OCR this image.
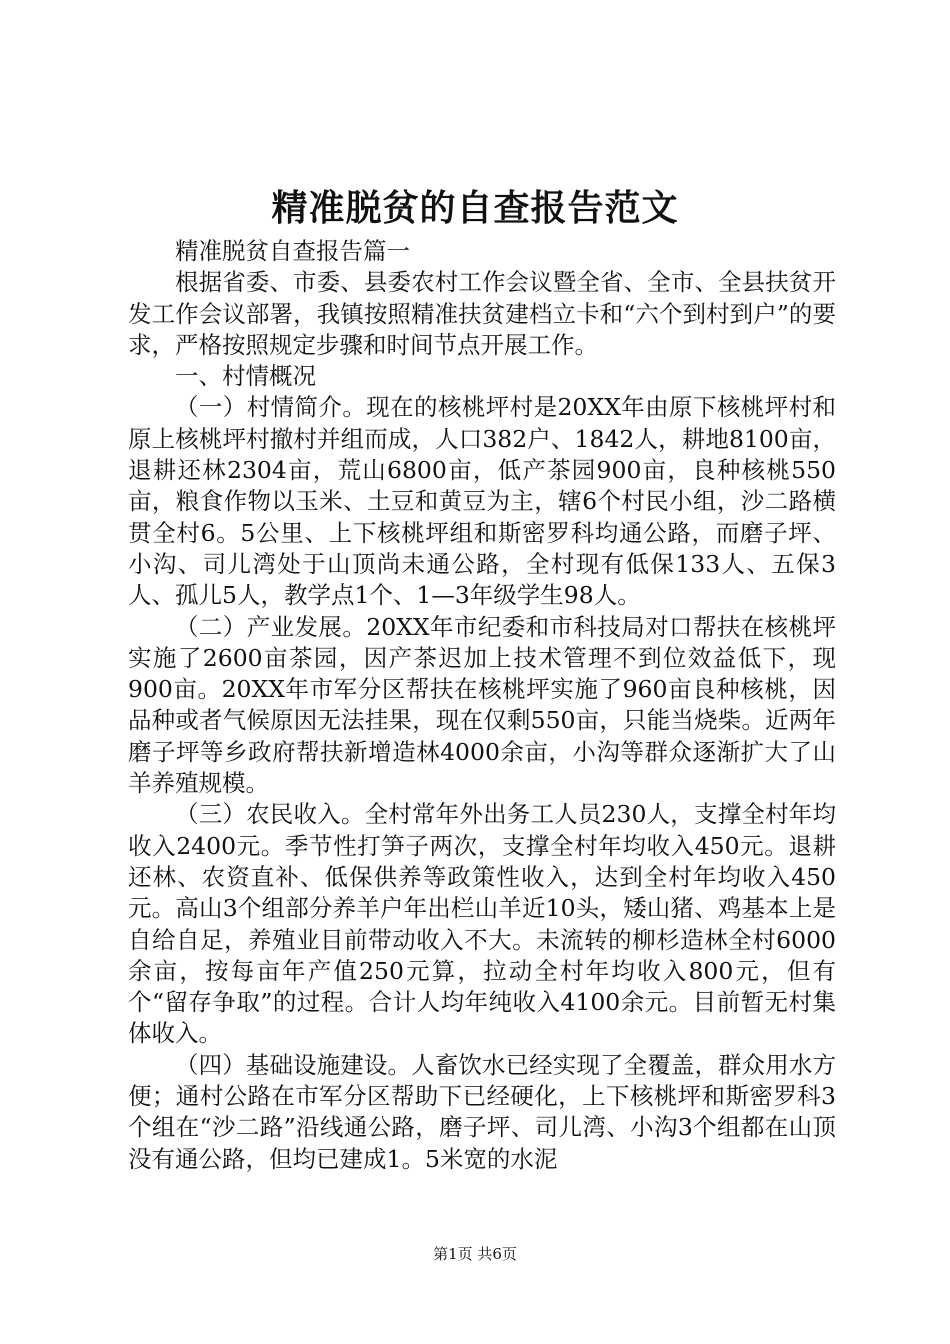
精准脱贫的自查报告范文

精准脱贫自查报告篇一

根据省委、市委、县委农村工作会议暨全省、全市、全县扶贫开发工作会议部署，我镇按照精准扶贫建档立卡和“六个到村到户”的要求，严格按照规定步骤和时间节点开展工作。

一、村情概况

（一）村情简介。现在的核桃坪村是20XX年由原下核桃坪村和原上核桃坪村撤村并组而成，人口382户、1842人，耕地8100亩，退耕还林2304亩，荒山6800亩，低产茶园900亩，良种核桃550亩，粮食作物以玉米、土豆和黄豆为主，辖6个村民小组，沙二路横贯全村6。5公里、上下核桃坪组和斯密罗科均通公路，而磨子坪、小沟、司儿湾处于山顶尚未通公路，全村现有低保133人、五保3人、孤儿5人，教学点1个、1—3年级学生98人。

（二）产业发展。20XX年市纪委和市科技局对口帮扶在核桃坪实施了2600亩茶园，因产茶迟加上技术管理不到位效益低下，现900亩。20XX年市军分区帮扶在核桃坪实施了960亩良种核桃，因品种或者气候原因无法挂果，现在仅剩550亩，只能当烧柴。近两年磨子坪等乡政府帮扶新增造林4000余亩，小沟等群众逐渐扩大了山羊养殖规模。

（三）农民收入。全村常年外出务工人员230人，支撑全村年均收入2400元。季节性打笋子两次，支撑全村年均收入450元。退耕还林、农资直补、低保供养等政策性收入，达到全村年均收入450元。高山3个组部分养羊户年出栏山羊近10头，矮山猪、鸡基本上是自给自足，养殖业目前带动收入不大。未流转的柳杉造林全村6000余亩，按每亩年产值250元算，拉动全村年均收入800元，但有个“留存争取”的过程。合计人均年纯收入4100余元。目前暂无村集体收入。

（四）基础设施建设。人畜饮水已经实现了全覆盖，群众用水方便；通村公路在市军分区帮助下已经硬化，上下核桃坪和斯密罗科3个组在“沙二路”沿线通公路，磨子坪、司儿湾、小沟3个组都在山顶没有通公路，但均已建成1。5米宽的水泥

第1页 共6页
